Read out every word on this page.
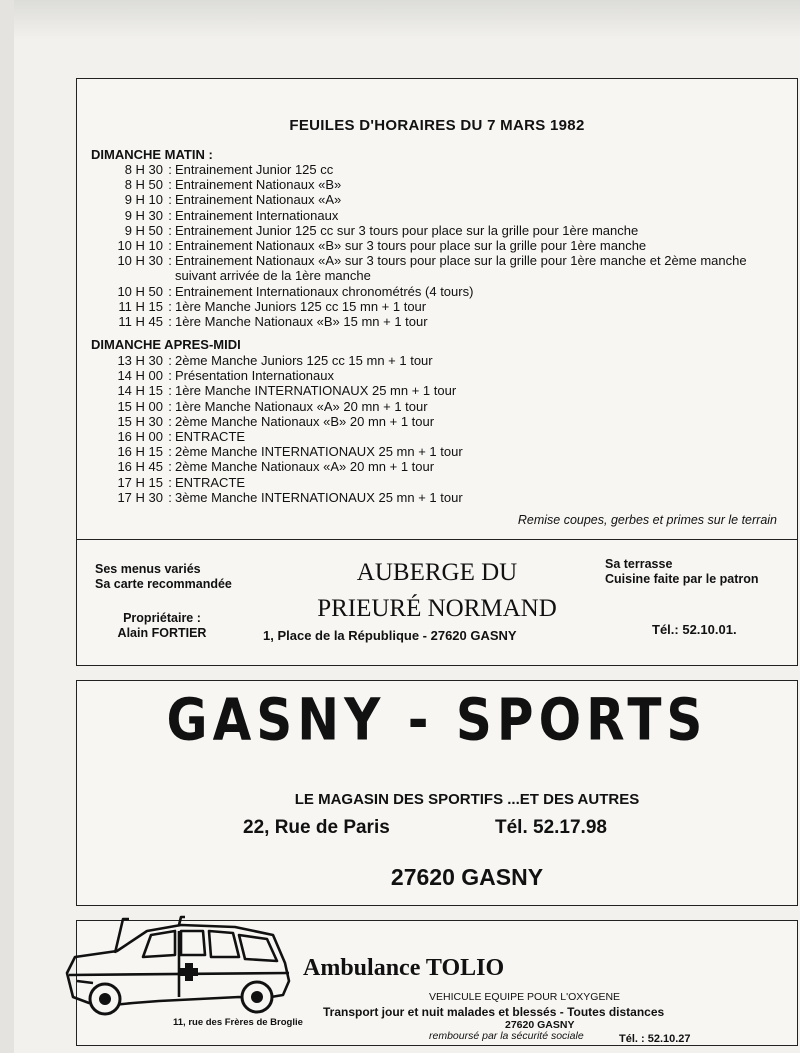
FEUILES D'HORAIRES DU 7 MARS 1982
DIMANCHE MATIN :
8 H 30 : Entrainement Junior 125 cc
8 H 50 : Entrainement Nationaux «B»
9 H 10 : Entrainement Nationaux «A»
9 H 30 : Entrainement Internationaux
9 H 50 : Entrainement Junior 125 cc sur 3 tours pour place sur la grille pour 1ère manche
10 H 10 : Entrainement Nationaux «B» sur 3 tours pour place sur la grille pour 1ère manche
10 H 30 : Entrainement Nationaux «A» sur 3 tours pour place sur la grille pour 1ère manche et 2ème manche suivant arrivée de la 1ère manche
10 H 50 : Entrainement Internationaux chronométrés (4 tours)
11 H 15 : 1ère Manche Juniors 125 cc 15 mn + 1 tour
11 H 45 : 1ère Manche Nationaux «B» 15 mn + 1 tour
DIMANCHE APRES-MIDI
13 H 30 : 2ème Manche Juniors 125 cc 15 mn + 1 tour
14 H 00 : Présentation Internationaux
14 H 15 : 1ère Manche INTERNATIONAUX 25 mn + 1 tour
15 H 00 : 1ère Manche Nationaux «A» 20 mn + 1 tour
15 H 30 : 2ème Manche Nationaux «B» 20 mn + 1 tour
16 H 00 : ENTRACTE
16 H 15 : 2ème Manche INTERNATIONAUX 25 mn + 1 tour
16 H 45 : 2ème Manche Nationaux «A» 20 mn + 1 tour
17 H 15 : ENTRACTE
17 H 30 : 3ème Manche INTERNATIONAUX 25 mn + 1 tour
Remise coupes, gerbes et primes sur le terrain
Ses menus variés
Sa carte recommandée
Propriétaire :
Alain FORTIER
AUBERGE DU
PRIEURÉ NORMAND
1, Place de la République - 27620 GASNY
Sa terrasse
Cuisine faite par le patron
Tél.: 52.10.01.
GASNY - SPORTS
LE MAGASIN DES SPORTIFS ...ET DES AUTRES
22, Rue de Paris	Tél. 52.17.98
27620 GASNY
Ambulance TOLIO
VEHICULE EQUIPE POUR L'OXYGENE
Transport jour et nuit malades et blessés - Toutes distances
11, rue des Frères de Broglie	27620 GASNY
remboursé par la sécurité sociale	Tél. : 52.10.27
